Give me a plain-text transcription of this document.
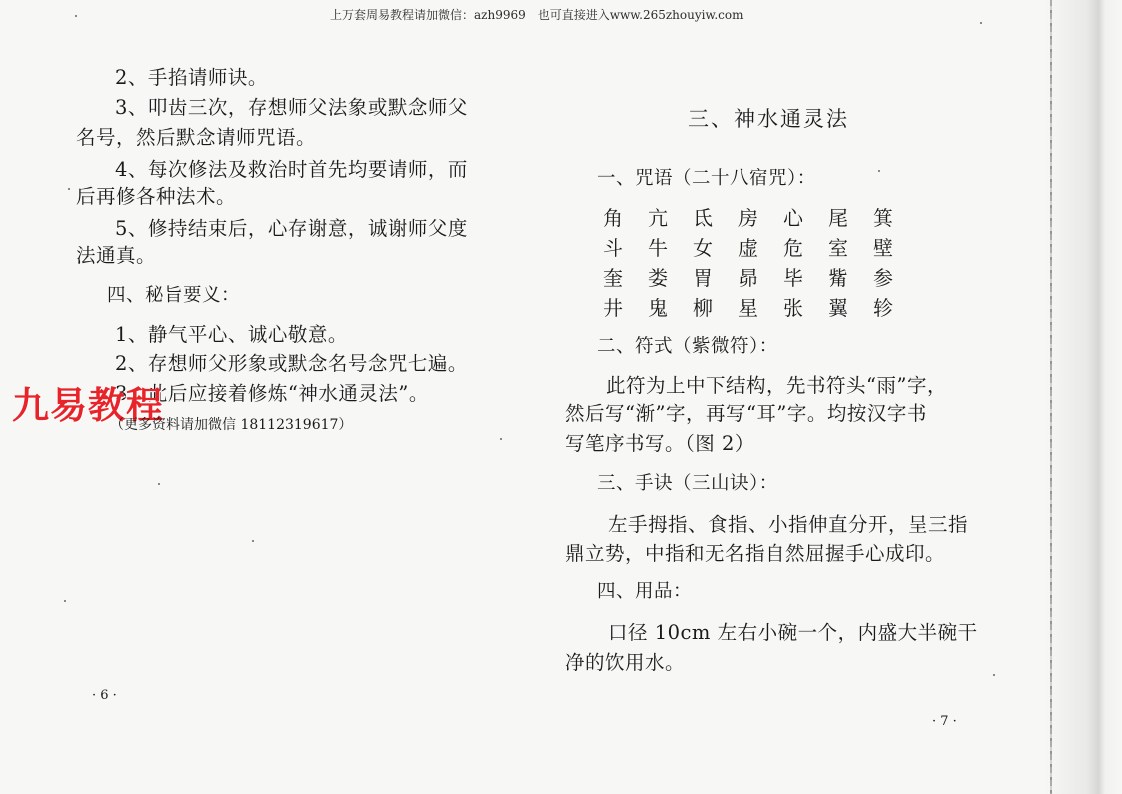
上万套周易教程请加微信：azh9969　也可直接进入www.265zhouyiw.com
2、手掐请师诀。
3、叩齿三次，存想师父法象或默念师父
名号，然后默念请师咒语。
4、每次修法及救治时首先均要请师，而
后再修各种法术。
5、修持结束后，心存谢意，诚谢师父度
法通真。
四、秘旨要义：
1、静气平心、诚心敬意。
2、存想师父形象或默念名号念咒七遍。
3、此后应接着修炼“神水通灵法”。
九易教程
（更多资料请加微信 18112319617）
· 6 ·
三、神水通灵法
一、咒语（二十八宿咒）：
角	亢	氐	房	心	尾	箕
斗	牛	女	虚	危	室	壁
奎	娄	胃	昴	毕	觜	参
井	鬼	柳	星	张	翼	轸
二、符式（紫微符）：
此符为上中下结构，先书符头“雨”字，
然后写“渐”字，再写“耳”字。均按汉字书
写笔序书写。（图 2）
三、手诀（三山诀）：
左手拇指、食指、小指伸直分开，呈三指
鼎立势，中指和无名指自然屈握手心成印。
四、用品：
口径 10cm 左右小碗一个，内盛大半碗干
净的饮用水。
· 7 ·
